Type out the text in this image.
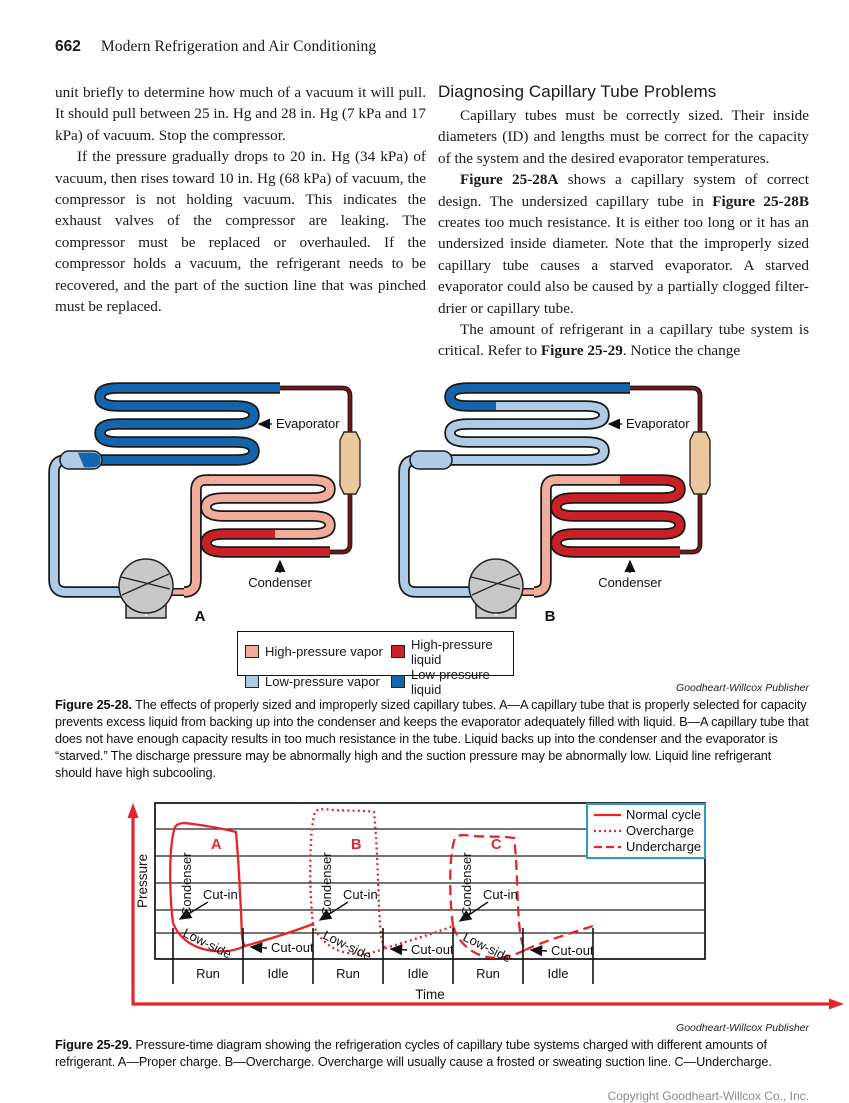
662 Modern Refrigeration and Air Conditioning

unit briefly to determine how much of a vacuum it will pull. It should pull between 25 in. Hg and 28 in. Hg (7 kPa and 17 kPa) of vacuum. Stop the compressor.

If the pressure gradually drops to 20 in. Hg (34 kPa) of vacuum, then rises toward 10 in. Hg (68 kPa) of vacuum, the compressor is not holding vacuum. This indicates the exhaust valves of the compressor are leaking. The compressor must be replaced or overhauled. If the compressor holds a vacuum, the refrigerant needs to be recovered, and the part of the suction line that was pinched must be replaced.

Diagnosing Capillary Tube Problems

Capillary tubes must be correctly sized. Their inside diameters (ID) and lengths must be correct for the capacity of the system and the desired evaporator temperatures.

Figure 25-28A shows a capillary system of correct design. The undersized capillary tube in Figure 25-28B creates too much resistance. It is either too long or it has an undersized inside diameter. Note that the improperly sized capillary tube causes a starved evaporator. A starved evaporator could also be caused by a partially clogged filter-drier or capillary tube.

The amount of refrigerant in a capillary tube system is critical. Refer to Figure 25-29. Notice the change

Evaporator
Condenser
A
Evaporator
Condenser
B
High-pressure vapor High-pressure liquid
Low-pressure vapor Low-pressure liquid	Goodheart-Willcox Publisher
Figure 25-28. The effects of properly sized and improperly sized capillary tubes. A—A capillary tube that is properly selected for capacity prevents excess liquid from backing up into the condenser and keeps the evaporator adequately filled with liquid. B—A capillary tube that does not have enough capacity results in too much resistance in the tube. Liquid backs up into the condenser and the evaporator is “starved.” The discharge pressure may be abnormally high and the suction pressure may be abnormally low. Liquid line refrigerant should have high subcooling.
Condenser
A
Cut-in
Low-side	Cut-out
Condenser
B
Cut-in
Low-side	Cut-out
Condenser
C
Cut-in
Low-side	Cut-out
Run	Idle	Run	Idle	Run	Idle
Pressure
Time
Normal cycle
Overcharge
Undercharge
Goodheart-Willcox Publisher
Figure 25-29. Pressure-time diagram showing the refrigeration cycles of capillary tube systems charged with different amounts of refrigerant. A—Proper charge. B—Overcharge. Overcharge will usually cause a frosted or sweating suction line. C—Undercharge.
Copyright Goodheart-Willcox Co., Inc.
